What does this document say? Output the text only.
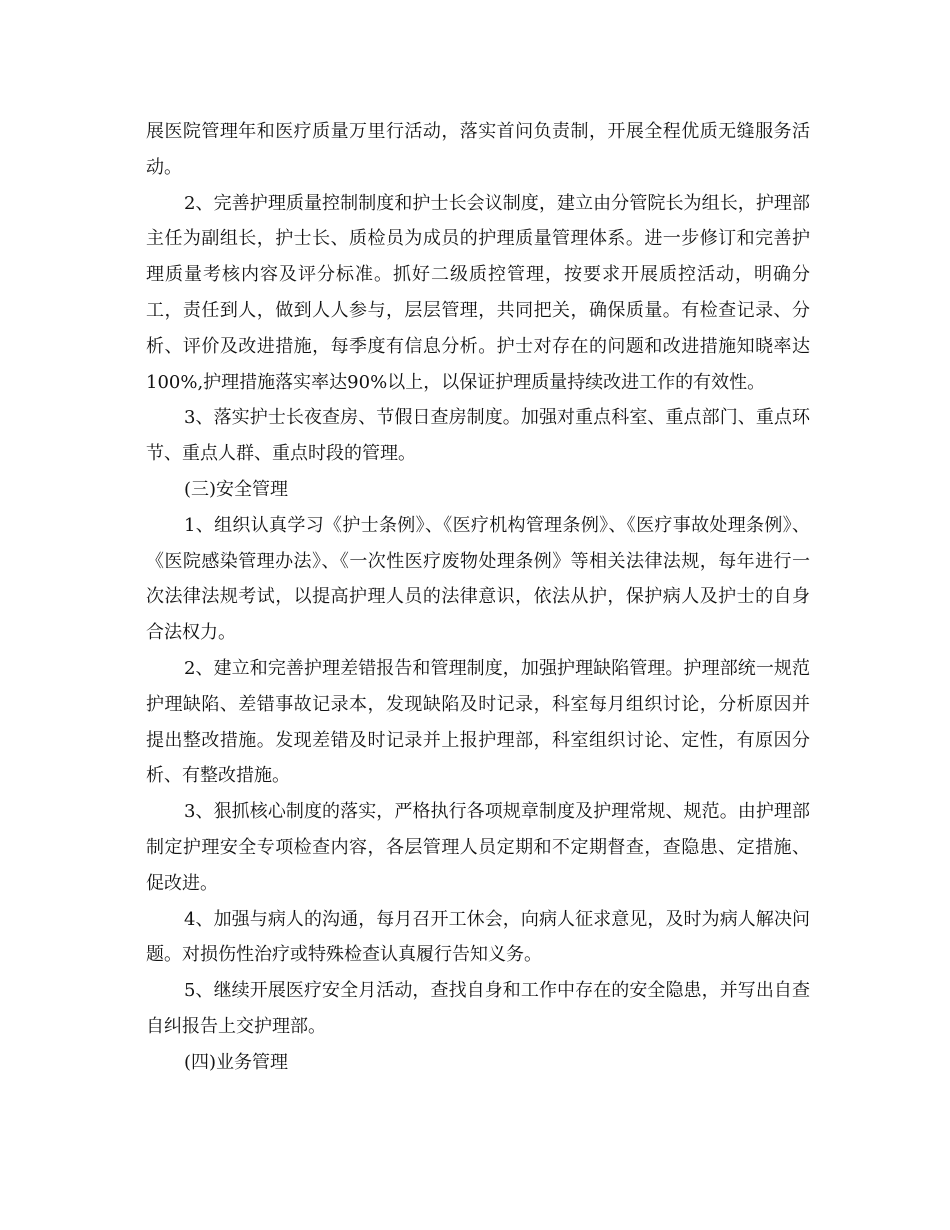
展医院管理年和医疗质量万里行活动，落实首问负责制，开展全程优质无缝服务活动。

2、完善护理质量控制制度和护士长会议制度，建立由分管院长为组长，护理部主任为副组长，护士长、质检员为成员的护理质量管理体系。进一步修订和完善护理质量考核内容及评分标准。抓好二级质控管理，按要求开展质控活动，明确分工，责任到人，做到人人参与，层层管理，共同把关，确保质量。有检查记录、分析、评价及改进措施，每季度有信息分析。护士对存在的问题和改进措施知晓率达100%,护理措施落实率达90%以上，以保证护理质量持续改进工作的有效性。

3、落实护士长夜查房、节假日查房制度。加强对重点科室、重点部门、重点环节、重点人群、重点时段的管理。

(三)安全管理

1、组织认真学习《护士条例》、《医疗机构管理条例》、《医疗事故处理条例》、《医院感染管理办法》、《一次性医疗废物处理条例》等相关法律法规，每年进行一次法律法规考试，以提高护理人员的法律意识，依法从护，保护病人及护士的自身合法权力。

2、建立和完善护理差错报告和管理制度，加强护理缺陷管理。护理部统一规范护理缺陷、差错事故记录本，发现缺陷及时记录，科室每月组织讨论，分析原因并提出整改措施。发现差错及时记录并上报护理部，科室组织讨论、定性，有原因分析、有整改措施。

3、狠抓核心制度的落实，严格执行各项规章制度及护理常规、规范。由护理部制定护理安全专项检查内容，各层管理人员定期和不定期督查，查隐患、定措施、促改进。

4、加强与病人的沟通，每月召开工休会，向病人征求意见，及时为病人解决问题。对损伤性治疗或特殊检查认真履行告知义务。

5、继续开展医疗安全月活动，查找自身和工作中存在的安全隐患，并写出自查自纠报告上交护理部。

(四)业务管理
